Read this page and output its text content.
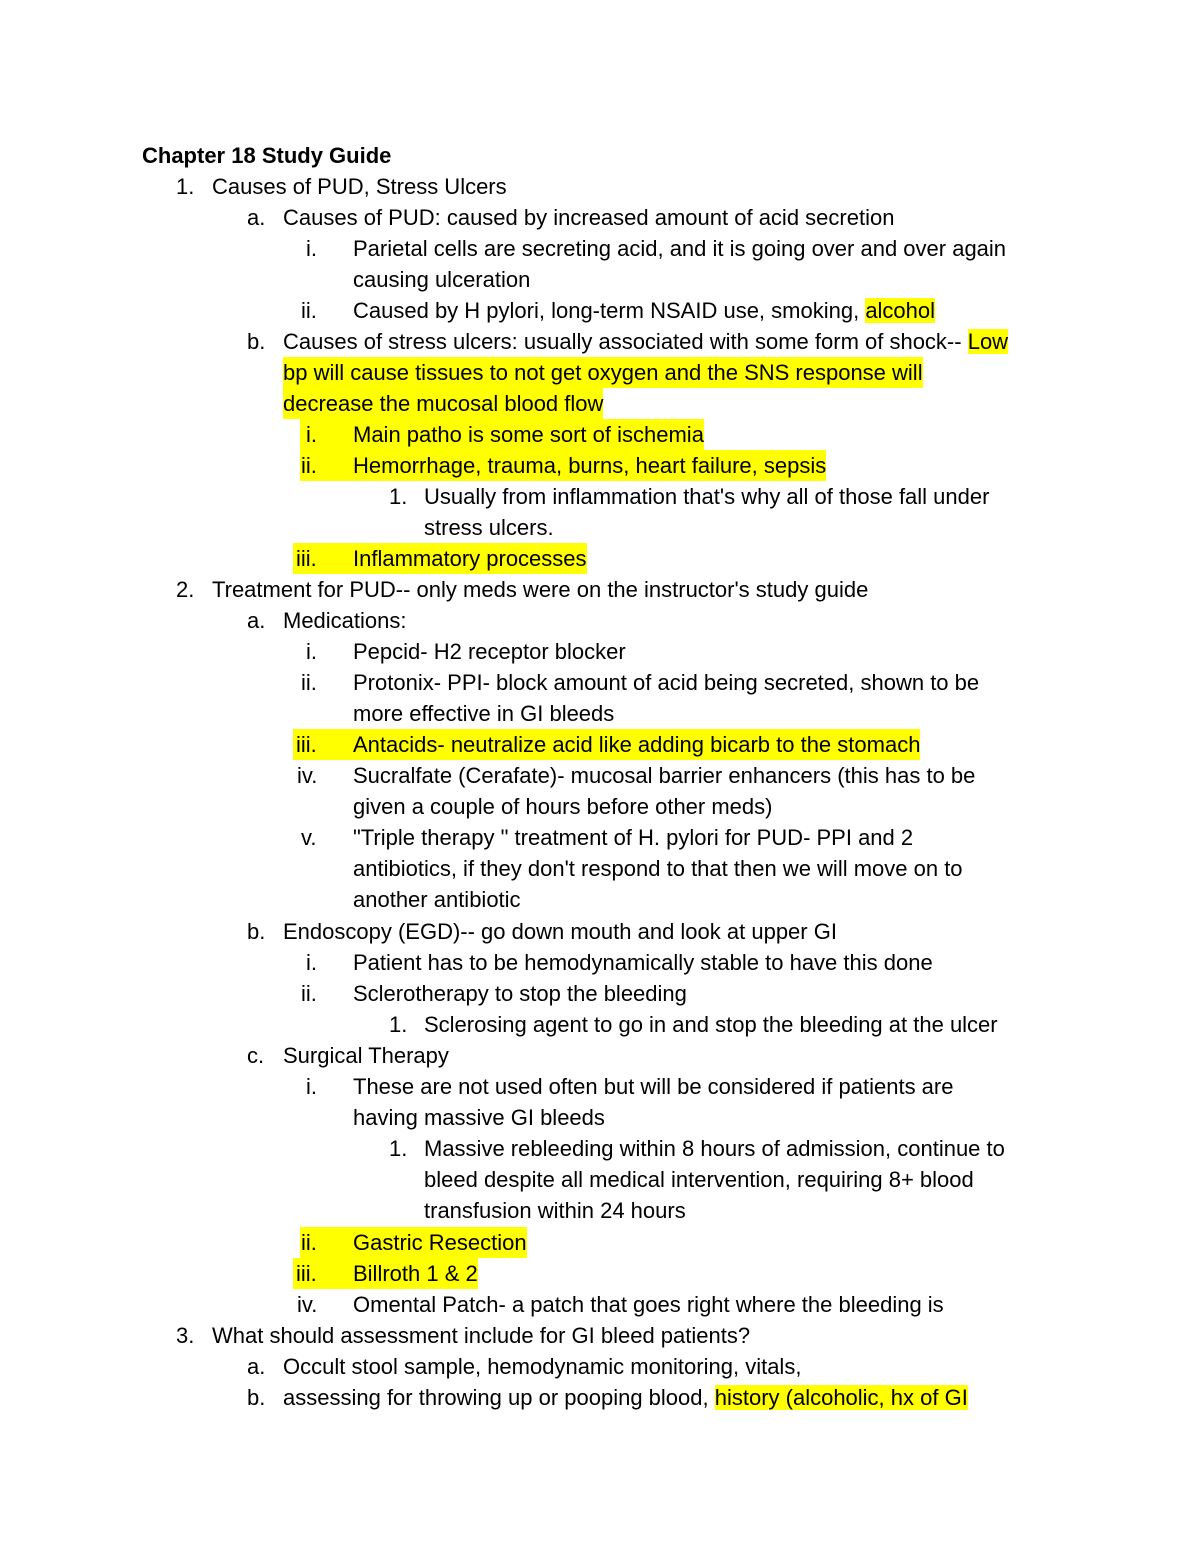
Chapter 18 Study Guide
1. Causes of PUD, Stress Ulcers
a. Causes of PUD: caused by increased amount of acid secretion
i. Parietal cells are secreting acid, and it is going over and over again
causing ulceration
ii. Caused by H pylori, long-term NSAID use, smoking, alcohol
b. Causes of stress ulcers: usually associated with some form of shock-- Low
bp will cause tissues to not get oxygen and the SNS response will
decrease the mucosal blood flow
i.	Main patho is some sort of ischemia
ii.	Hemorrhage, trauma, burns, heart failure, sepsis
1. Usually from inflammation that's why all of those fall under
stress ulcers.
iii.	Inflammatory processes
2. Treatment for PUD-- only meds were on the instructor's study guide
a. Medications:
i. Pepcid- H2 receptor blocker
ii. Protonix- PPI- block amount of acid being secreted, shown to be
more effective in GI bleeds
iii.	Antacids- neutralize acid like adding bicarb to the stomach
iv. Sucralfate (Cerafate)- mucosal barrier enhancers (this has to be
given a couple of hours before other meds)
v. "Triple therapy " treatment of H. pylori for PUD- PPI and 2
antibiotics, if they don't respond to that then we will move on to
another antibiotic
b. Endoscopy (EGD)-- go down mouth and look at upper GI
i. Patient has to be hemodynamically stable to have this done
ii. Sclerotherapy to stop the bleeding
1. Sclerosing agent to go in and stop the bleeding at the ulcer
c. Surgical Therapy
i. These are not used often but will be considered if patients are
having massive GI bleeds
1. Massive rebleeding within 8 hours of admission, continue to
bleed despite all medical intervention, requiring 8+ blood
transfusion within 24 hours
ii.	Gastric Resection
iii.	Billroth 1 & 2
iv. Omental Patch- a patch that goes right where the bleeding is
3. What should assessment include for GI bleed patients?
a. Occult stool sample, hemodynamic monitoring, vitals,
b. assessing for throwing up or pooping blood, history (alcoholic, hx of GI
